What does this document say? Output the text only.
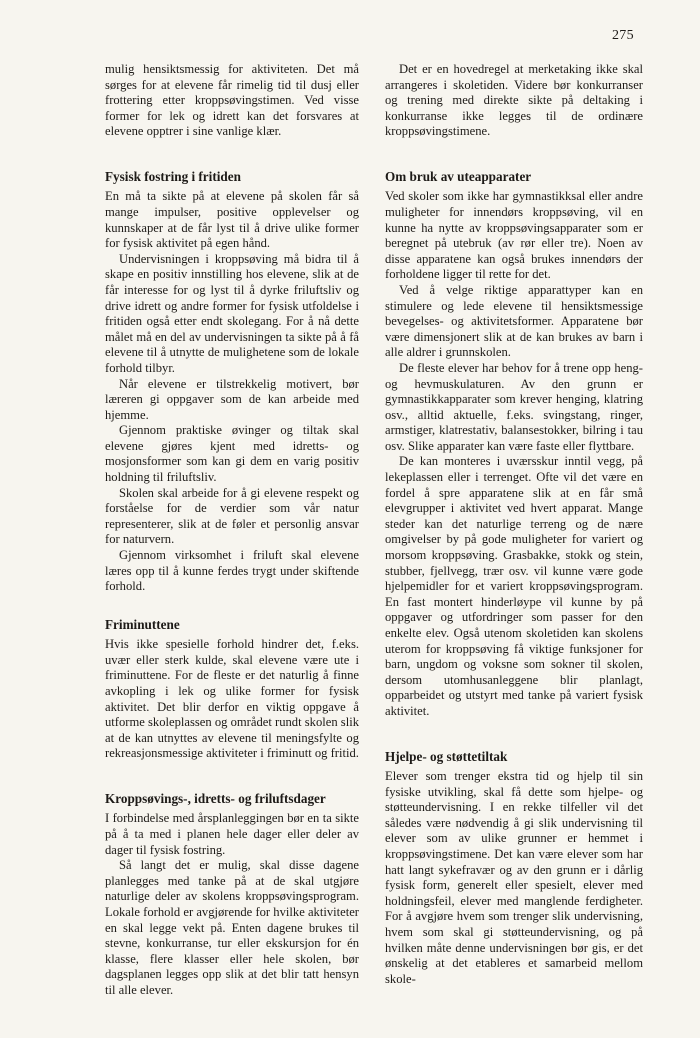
275

mulig hensiktsmessig for aktiviteten. Det må sørges for at elevene får rimelig tid til dusj eller frottering etter kroppsøvingstimen. Ved visse former for lek og idrett kan det forsvares at elevene opptrer i sine vanlige klær.

Fysisk fostring i fritiden

En må ta sikte på at elevene på skolen får så mange impulser, positive opplevelser og kunnskaper at de får lyst til å drive ulike former for fysisk aktivitet på egen hånd.

Undervisningen i kroppsøving må bidra til å skape en positiv innstilling hos elevene, slik at de får interesse for og lyst til å dyrke friluftsliv og drive idrett og andre former for fysisk utfoldelse i fritiden også etter endt skolegang. For å nå dette målet må en del av undervisningen ta sikte på å få elevene til å utnytte de mulighetene som de lokale forhold tilbyr.

Når elevene er tilstrekkelig motivert, bør læreren gi oppgaver som de kan arbeide med hjemme.

Gjennom praktiske øvinger og tiltak skal elevene gjøres kjent med idretts- og mosjonsformer som kan gi dem en varig positiv holdning til friluftsliv.

Skolen skal arbeide for å gi elevene respekt og forståelse for de verdier som vår natur representerer, slik at de føler et personlig ansvar for naturvern.

Gjennom virksomhet i friluft skal elevene læres opp til å kunne ferdes trygt under skiftende forhold.

Friminuttene

Hvis ikke spesielle forhold hindrer det, f.eks. uvær eller sterk kulde, skal elevene være ute i friminuttene. For de fleste er det naturlig å finne avkopling i lek og ulike former for fysisk aktivitet. Det blir derfor en viktig oppgave å utforme skoleplassen og området rundt skolen slik at de kan utnyttes av elevene til meningsfylte og rekreasjonsmessige aktiviteter i friminutt og fritid.

Kroppsøvings-, idretts- og friluftsdager

I forbindelse med årsplanleggingen bør en ta sikte på å ta med i planen hele dager eller deler av dager til fysisk fostring.

Så langt det er mulig, skal disse dagene planlegges med tanke på at de skal utgjøre naturlige deler av skolens kroppsøvingsprogram. Lokale forhold er avgjørende for hvilke aktiviteter en skal legge vekt på. Enten dagene brukes til stevne, konkurranse, tur eller ekskursjon for én klasse, flere klasser eller hele skolen, bør dagsplanen legges opp slik at det blir tatt hensyn til alle elever.

Det er en hovedregel at merketaking ikke skal arrangeres i skoletiden. Videre bør konkurranser og trening med direkte sikte på deltaking i konkurranse ikke legges til de ordinære kroppsøvingstimene.

Om bruk av uteapparater

Ved skoler som ikke har gymnastikksal eller andre muligheter for innendørs kroppsøving, vil en kunne ha nytte av kroppsøvingsapparater som er beregnet på utebruk (av rør eller tre). Noen av disse apparatene kan også brukes innendørs der forholdene ligger til rette for det.

Ved å velge riktige apparattyper kan en stimulere og lede elevene til hensiktsmessige bevegelses- og aktivitetsformer. Apparatene bør være dimensjonert slik at de kan brukes av barn i alle aldrer i grunnskolen.

De fleste elever har behov for å trene opp heng- og hevmuskulaturen. Av den grunn er gymnastikkapparater som krever henging, klatring osv., alltid aktuelle, f.eks. svingstang, ringer, armstiger, klatrestativ, balansestokker, bilring i tau osv. Slike apparater kan være faste eller flyttbare.

De kan monteres i uværsskur inntil vegg, på lekeplassen eller i terrenget. Ofte vil det være en fordel å spre apparatene slik at en får små elevgrupper i aktivitet ved hvert apparat. Mange steder kan det naturlige terreng og de nære omgivelser by på gode muligheter for variert og morsom kroppsøving. Grasbakke, stokk og stein, stubber, fjellvegg, trær osv. vil kunne være gode hjelpemidler for et variert kroppsøvingsprogram. En fast montert hinderløype vil kunne by på oppgaver og utfordringer som passer for den enkelte elev. Også utenom skoletiden kan skolens uterom for kroppsøving få viktige funksjoner for barn, ungdom og voksne som sokner til skolen, dersom utomhusanleggene blir planlagt, opparbeidet og utstyrt med tanke på variert fysisk aktivitet.

Hjelpe- og støttetiltak

Elever som trenger ekstra tid og hjelp til sin fysiske utvikling, skal få dette som hjelpe- og støtteundervisning. I en rekke tilfeller vil det således være nødvendig å gi slik undervisning til elever som av ulike grunner er hemmet i kroppsøvingstimene. Det kan være elever som har hatt langt sykefravær og av den grunn er i dårlig fysisk form, generelt eller spesielt, elever med holdningsfeil, elever med manglende ferdigheter. For å avgjøre hvem som trenger slik undervisning, hvem som skal gi støtteundervisning, og på hvilken måte denne undervisningen bør gis, er det ønskelig at det etableres et samarbeid mellom skole-
